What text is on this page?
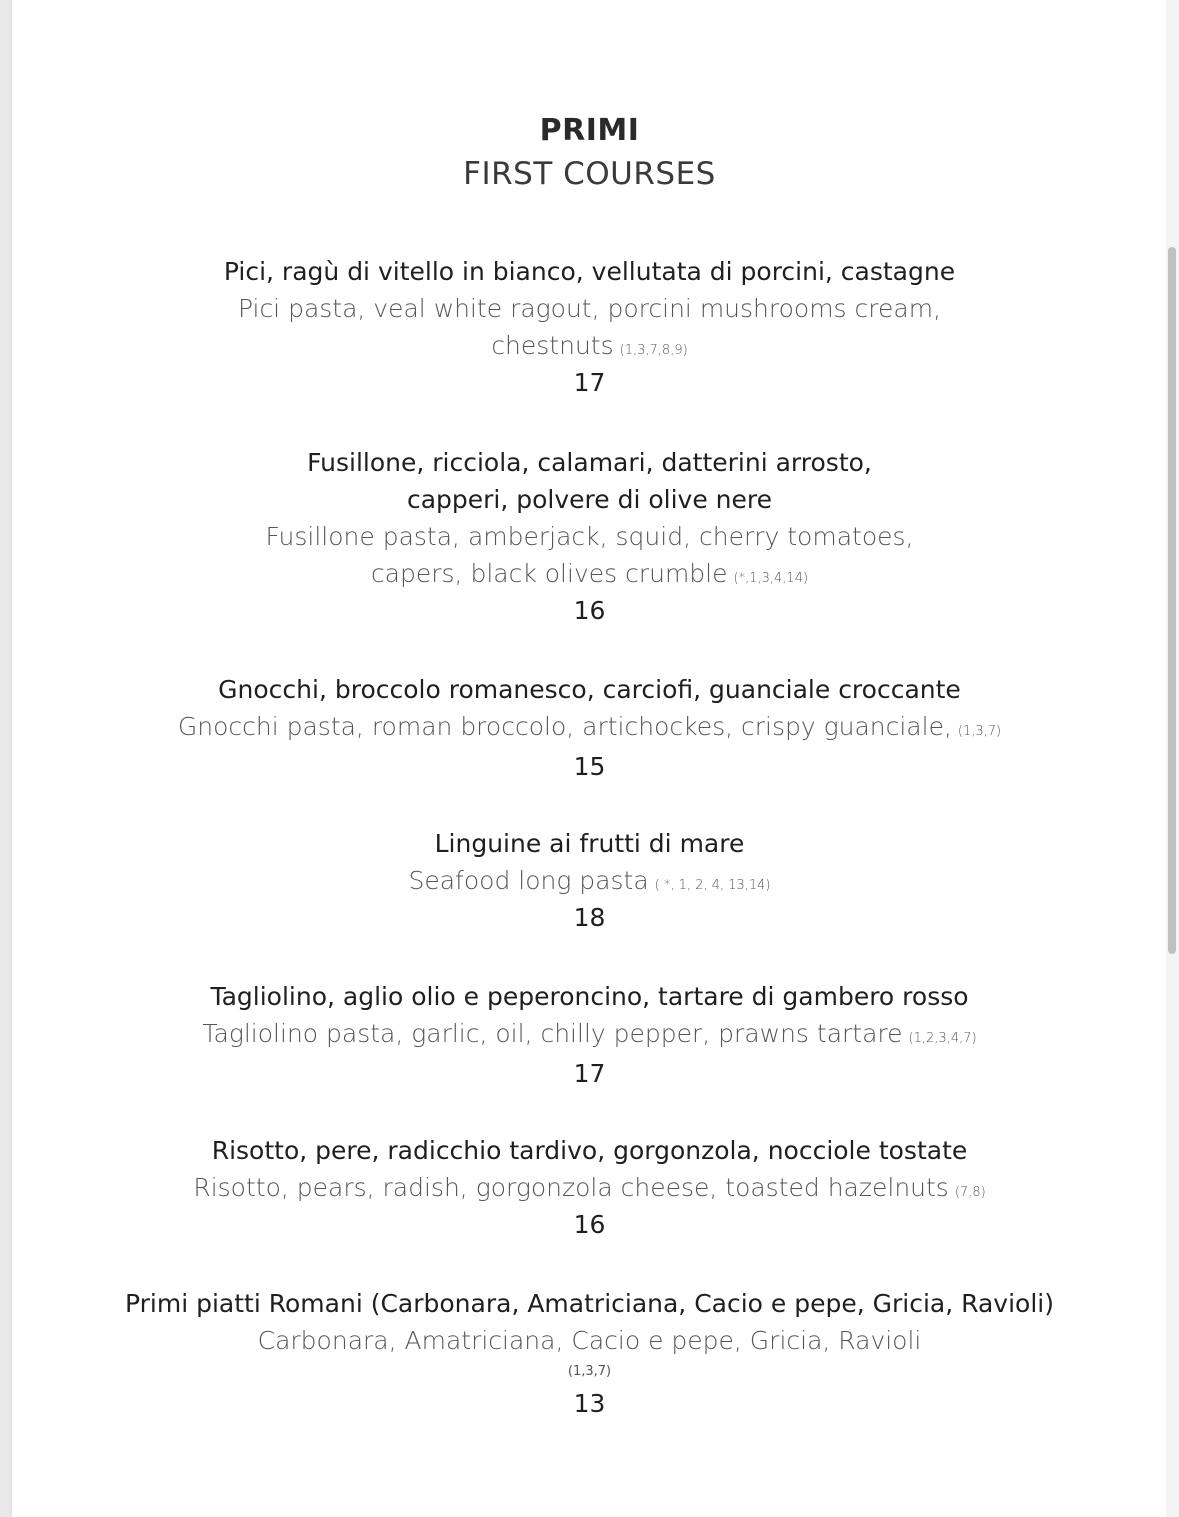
PRIMI
FIRST COURSES
Pici, ragù di vitello in bianco, vellutata di porcini, castagne
Pici pasta, veal white ragout, porcini mushrooms cream,
chestnuts (1,3,7,8,9)
17
Fusillone, ricciola, calamari, datterini arrosto,
capperi, polvere di olive nere
Fusillone pasta, amberjack, squid, cherry tomatoes,
capers, black olives crumble (*,1,3,4,14)
16
Gnocchi, broccolo romanesco, carciofi, guanciale croccante
Gnocchi pasta, roman broccolo, artichockes, crispy guanciale, (1,3,7)
15
Linguine ai frutti di mare
Seafood long pasta ( *, 1, 2, 4, 13,14)
18
Tagliolino, aglio olio e peperoncino, tartare di gambero rosso
Tagliolino pasta, garlic, oil, chilly pepper, prawns tartare (1,2,3,4,7)
17
Risotto, pere, radicchio tardivo, gorgonzola, nocciole tostate
Risotto, pears, radish, gorgonzola cheese, toasted hazelnuts (7,8)
16
Primi piatti Romani (Carbonara, Amatriciana, Cacio e pepe, Gricia, Ravioli)
Carbonara, Amatriciana, Cacio e pepe, Gricia, Ravioli
(1,3,7)
13
